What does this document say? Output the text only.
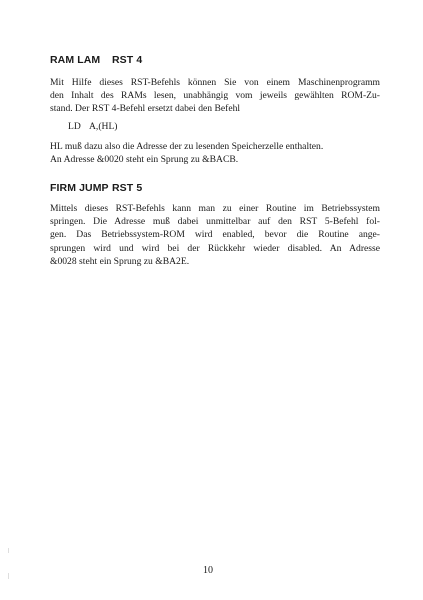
RAM LAM RST 4
Mit Hilfe dieses RST-Befehls können Sie von einem Maschinenprogramm
den Inhalt des RAMs lesen, unabhängig vom jeweils gewählten ROM-Zu-
stand. Der RST 4-Befehl ersetzt dabei den Befehl
LD A,(HL)
HL muß dazu also die Adresse der zu lesenden Speicherzelle enthalten.
An Adresse &0020 steht ein Sprung zu &BACB.
FIRM JUMP RST 5
Mittels dieses RST-Befehls kann man zu einer Routine im Betriebssystem
springen. Die Adresse muß dabei unmittelbar auf den RST 5-Befehl fol-
gen. Das Betriebssystem-ROM wird enabled, bevor die Routine ange-
sprungen wird und wird bei der Rückkehr wieder disabled. An Adresse
&0028 steht ein Sprung zu &BA2E.
10
